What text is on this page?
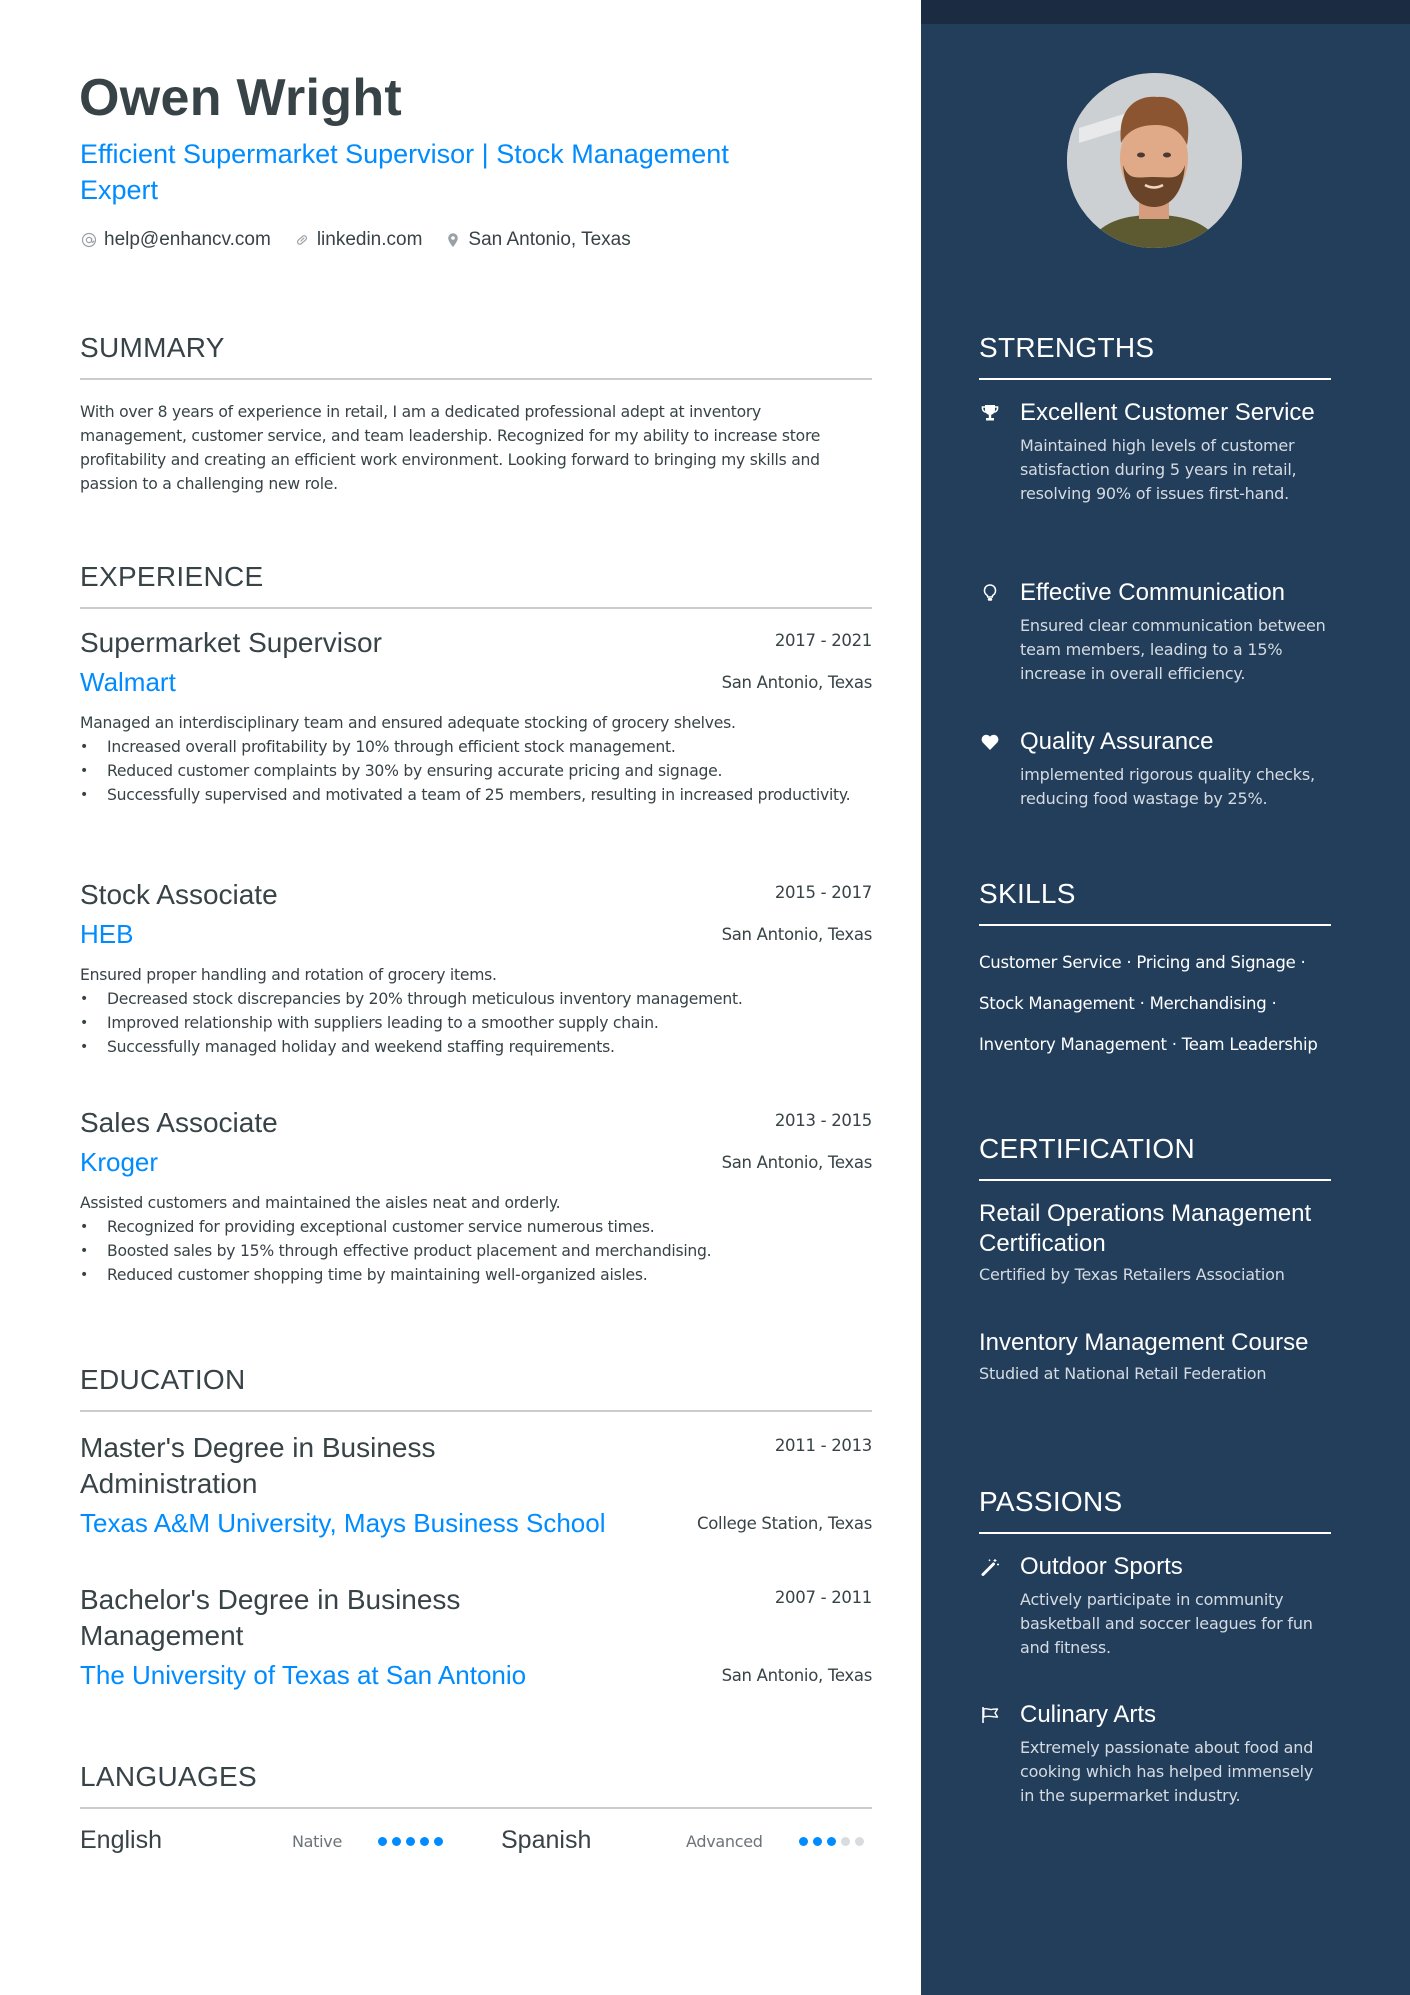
Owen Wright
Efficient Supermarket Supervisor | Stock Management Expert
help@enhancv.com linkedin.com San Antonio, Texas
SUMMARY
With over 8 years of experience in retail, I am a dedicated professional adept at inventory management, customer service, and team leadership. Recognized for my ability to increase store profitability and creating an efficient work environment. Looking forward to bringing my skills and passion to a challenging new role.
EXPERIENCE
Supermarket Supervisor	2017 - 2021
Walmart	San Antonio, Texas
Managed an interdisciplinary team and ensured adequate stocking of grocery shelves.
• Increased overall profitability by 10% through efficient stock management.
• Reduced customer complaints by 30% by ensuring accurate pricing and signage.
• Successfully supervised and motivated a team of 25 members, resulting in increased productivity.
Stock Associate	2015 - 2017
HEB	San Antonio, Texas
Ensured proper handling and rotation of grocery items.
• Decreased stock discrepancies by 20% through meticulous inventory management.
• Improved relationship with suppliers leading to a smoother supply chain.
• Successfully managed holiday and weekend staffing requirements.
Sales Associate	2013 - 2015
Kroger	San Antonio, Texas
Assisted customers and maintained the aisles neat and orderly.
• Recognized for providing exceptional customer service numerous times.
• Boosted sales by 15% through effective product placement and merchandising.
• Reduced customer shopping time by maintaining well-organized aisles.
EDUCATION
Master's Degree in Business Administration
2011 - 2013
Texas A&M University, Mays Business School	College Station, Texas
Bachelor's Degree in Business Management
2007 - 2011
The University of Texas at San Antonio	San Antonio, Texas
LANGUAGES
English	Native	Spanish	Advanced
STRENGTHS
Excellent Customer Service
Maintained high levels of customer satisfaction during 5 years in retail, resolving 90% of issues first-hand.
Effective Communication
Ensured clear communication between team members, leading to a 15% increase in overall efficiency.
Quality Assurance
implemented rigorous quality checks, reducing food wastage by 25%.
SKILLS
Customer Service · Pricing and Signage ·
Stock Management · Merchandising ·
Inventory Management · Team Leadership
CERTIFICATION
Retail Operations Management Certification
Certified by Texas Retailers Association
Inventory Management Course
Studied at National Retail Federation
PASSIONS
Outdoor Sports
Actively participate in community basketball and soccer leagues for fun and fitness.
Culinary Arts
Extremely passionate about food and cooking which has helped immensely in the supermarket industry.
